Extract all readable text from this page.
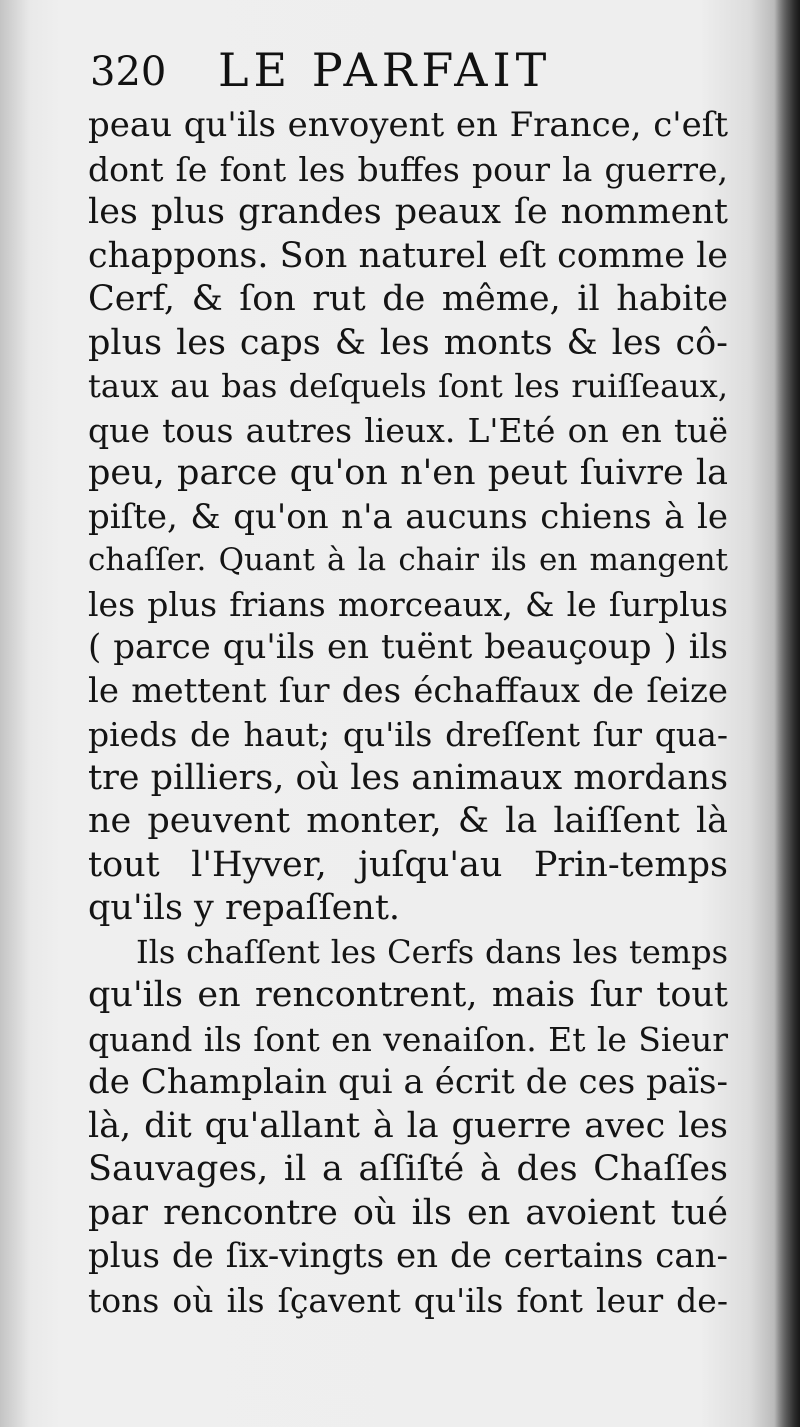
320 LE PARFAIT
peau qu'ils envoyent en France, c'eſt
dont ſe font les buffes pour la guerre,
les plus grandes peaux ſe nomment
chappons. Son naturel eſt comme le
Cerf, & ſon rut de même, il habite
plus les caps & les monts & les cô-
taux au bas deſquels ſont les ruiſſeaux,
que tous autres lieux. L'Eté on en tuë
peu, parce qu'on n'en peut ſuivre la
piſte, & qu'on n'a aucuns chiens à le
chaſſer. Quant à la chair ils en mangent
les plus frians morceaux, & le ſurplus
( parce qu'ils en tuënt beauçoup ) ils
le mettent ſur des échaffaux de ſeize
pieds de haut; qu'ils dreſſent ſur qua-
tre pilliers, où les animaux mordans
ne peuvent monter, & la laiſſent là
tout l'Hyver, juſqu'au Prin-temps
qu'ils y repaſſent.
Ils chaſſent les Cerfs dans les temps
qu'ils en rencontrent, mais ſur tout
quand ils ſont en venaiſon. Et le Sieur
de Champlain qui a écrit de ces païs-
là, dit qu'allant à la guerre avec les
Sauvages, il a aſſiſté à des Chaſſes
par rencontre où ils en avoient tué
plus de ſix-vingts en de certains can-
tons où ils ſçavent qu'ils font leur de-
